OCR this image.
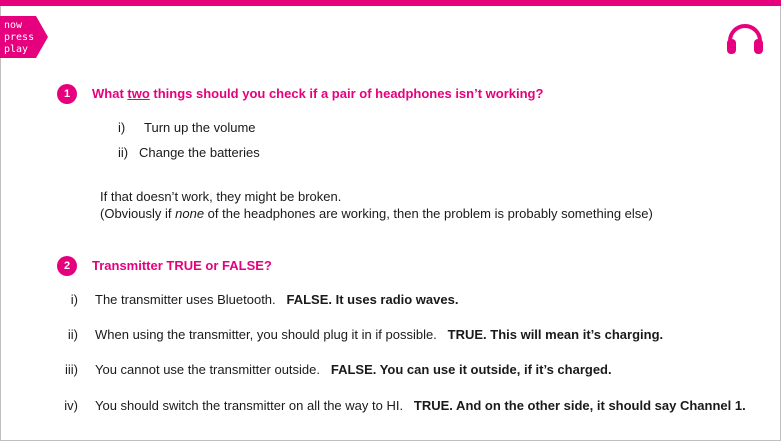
now
press
play
1 What two things should you check if a pair of headphones isn’t working?
i) Turn up the volume
ii) Change the batteries
If that doesn’t work, they might be broken.
(Obviously if none of the headphones are working, then the problem is probably something else)
2 Transmitter TRUE or FALSE?
i) The transmitter uses Bluetooth. FALSE. It uses radio waves.
ii) When using the transmitter, you should plug it in if possible. TRUE. This will mean it’s charging.
iii) You cannot use the transmitter outside. FALSE. You can use it outside, if it’s charged.
iv) You should switch the transmitter on all the way to HI. TRUE. And on the other side, it should say Channel 1.
